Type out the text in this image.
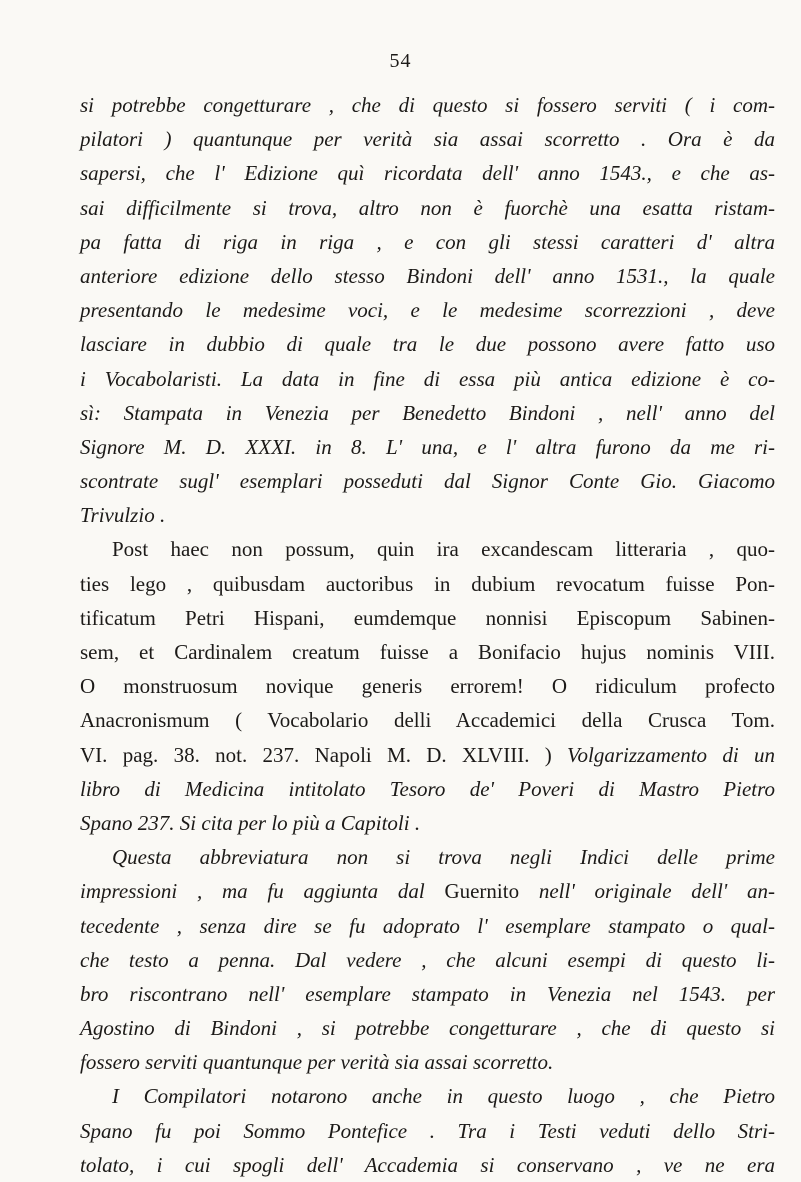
54
si potrebbe congetturare , che di questo si fossero serviti ( i com-
pilatori ) quantunque per verità sia assai scorretto . Ora è da
sapersi, che l' Edizione quì ricordata dell' anno 1543., e che as-
sai difficilmente si trova, altro non è fuorchè una esatta ristam-
pa fatta di riga in riga , e con gli stessi caratteri d' altra
anteriore edizione dello stesso Bindoni dell' anno 1531., la quale
presentando le medesime voci, e le medesime scorrezzioni , deve
lasciare in dubbio di quale tra le due possono avere fatto uso
i Vocabolaristi. La data in fine di essa più antica edizione è co-
sì: Stampata in Venezia per Benedetto Bindoni , nell' anno del
Signore M. D. XXXI. in 8. L' una, e l' altra furono da me ri-
scontrate sugl' esemplari posseduti dal Signor Conte Gio. Giacomo
Trivulzio .
Post haec non possum, quin ira excandescam litteraria , quo-
ties lego , quibusdam auctoribus in dubium revocatum fuisse Pon-
tificatum Petri Hispani, eumdemque nonnisi Episcopum Sabinen-
sem, et Cardinalem creatum fuisse a Bonifacio hujus nominis VIII.
O monstruosum novique generis errorem! O ridiculum profecto
Anacronismum ( Vocabolario delli Accademici della Crusca Tom.
VI. pag. 38. not. 237. Napoli M. D. XLVIII. ) Volgarizzamento di un
libro di Medicina intitolato Tesoro de' Poveri di Mastro Pietro
Spano 237. Si cita per lo più a Capitoli .
Questa abbreviatura non si trova negli Indici delle prime
impressioni , ma fu aggiunta dal Guernito nell' originale dell' an-
tecedente , senza dire se fu adoprato l' esemplare stampato o qual-
che testo a penna. Dal vedere , che alcuni esempi di questo li-
bro riscontrano nell' esemplare stampato in Venezia nel 1543. per
Agostino di Bindoni , si potrebbe congetturare , che di questo si
fossero serviti quantunque per verità sia assai scorretto.
I Compilatori notarono anche in questo luogo , che Pietro
Spano fu poi Sommo Pontefice . Tra i Testi veduti dello Stri-
tolato, i cui spogli dell' Accademia si conservano , ve ne era
